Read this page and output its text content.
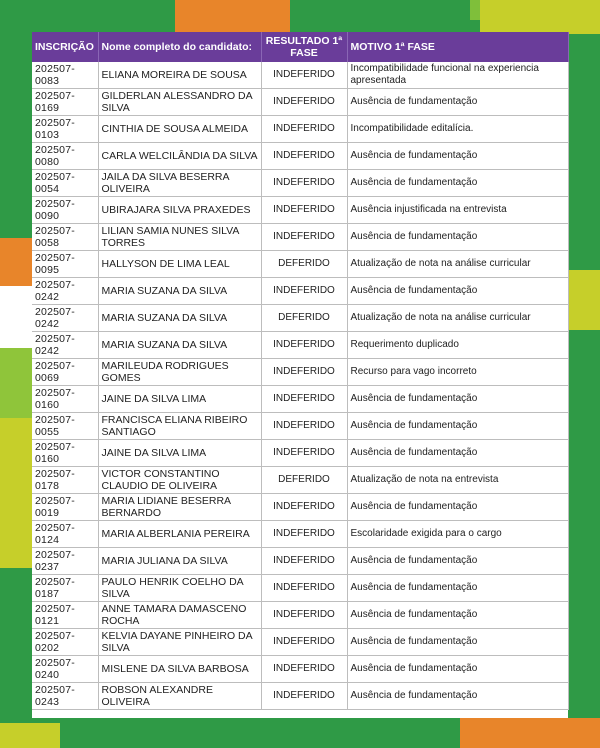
INSCRIÇÃO	Nome completo do candidato:	RESULTADO 1ª FASE	MOTIVO 1ª FASE
202507-0083	ELIANA MOREIRA DE SOUSA	INDEFERIDO	Incompatibilidade funcional na experiencia apresentada
202507-0169	GILDERLAN ALESSANDRO DA SILVA	INDEFERIDO	Ausência de fundamentação
202507-0103	CINTHIA DE SOUSA ALMEIDA	INDEFERIDO	Incompatibilidade editalícia.
202507-0080	CARLA WELCILÂNDIA DA SILVA	INDEFERIDO	Ausência de fundamentação
202507-0054	JAILA DA SILVA BESERRA OLIVEIRA	INDEFERIDO	Ausência de fundamentação
202507-0090	UBIRAJARA SILVA PRAXEDES	INDEFERIDO	Ausência injustificada na entrevista
202507-0058	LILIAN SAMIA NUNES SILVA TORRES	INDEFERIDO	Ausência de fundamentação
202507-0095	HALLYSON DE LIMA LEAL	DEFERIDO	Atualização de nota na análise curricular
202507-0242	MARIA SUZANA DA SILVA	INDEFERIDO	Ausência de fundamentação
202507-0242	MARIA SUZANA DA SILVA	DEFERIDO	Atualização de nota na análise curricular
202507-0242	MARIA SUZANA DA SILVA	INDEFERIDO	Requerimento duplicado
202507-0069	MARILEUDA RODRIGUES GOMES	INDEFERIDO	Recurso para vago incorreto
202507-0160	JAINE DA SILVA LIMA	INDEFERIDO	Ausência de fundamentação
202507-0055	FRANCISCA ELIANA RIBEIRO SANTIAGO	INDEFERIDO	Ausência de fundamentação
202507-0160	JAINE DA SILVA LIMA	INDEFERIDO	Ausência de fundamentação
202507-0178	VICTOR CONSTANTINO CLAUDIO DE OLIVEIRA	DEFERIDO	Atualização de nota na entrevista
202507-0019	MARIA LIDIANE BESERRA BERNARDO	INDEFERIDO	Ausência de fundamentação
202507-0124	MARIA ALBERLANIA PEREIRA	INDEFERIDO	Escolaridade exigida para o cargo
202507-0237	MARIA JULIANA DA SILVA	INDEFERIDO	Ausência de fundamentação
202507-0187	PAULO HENRIK COELHO DA SILVA	INDEFERIDO	Ausência de fundamentação
202507-0121	ANNE TAMARA DAMASCENO ROCHA	INDEFERIDO	Ausência de fundamentação
202507-0202	KELVIA DAYANE PINHEIRO DA SILVA	INDEFERIDO	Ausência de fundamentação
202507-0240	MISLENE DA SILVA BARBOSA	INDEFERIDO	Ausência de fundamentação
202507-0243	ROBSON ALEXANDRE OLIVEIRA	INDEFERIDO	Ausência de fundamentação
